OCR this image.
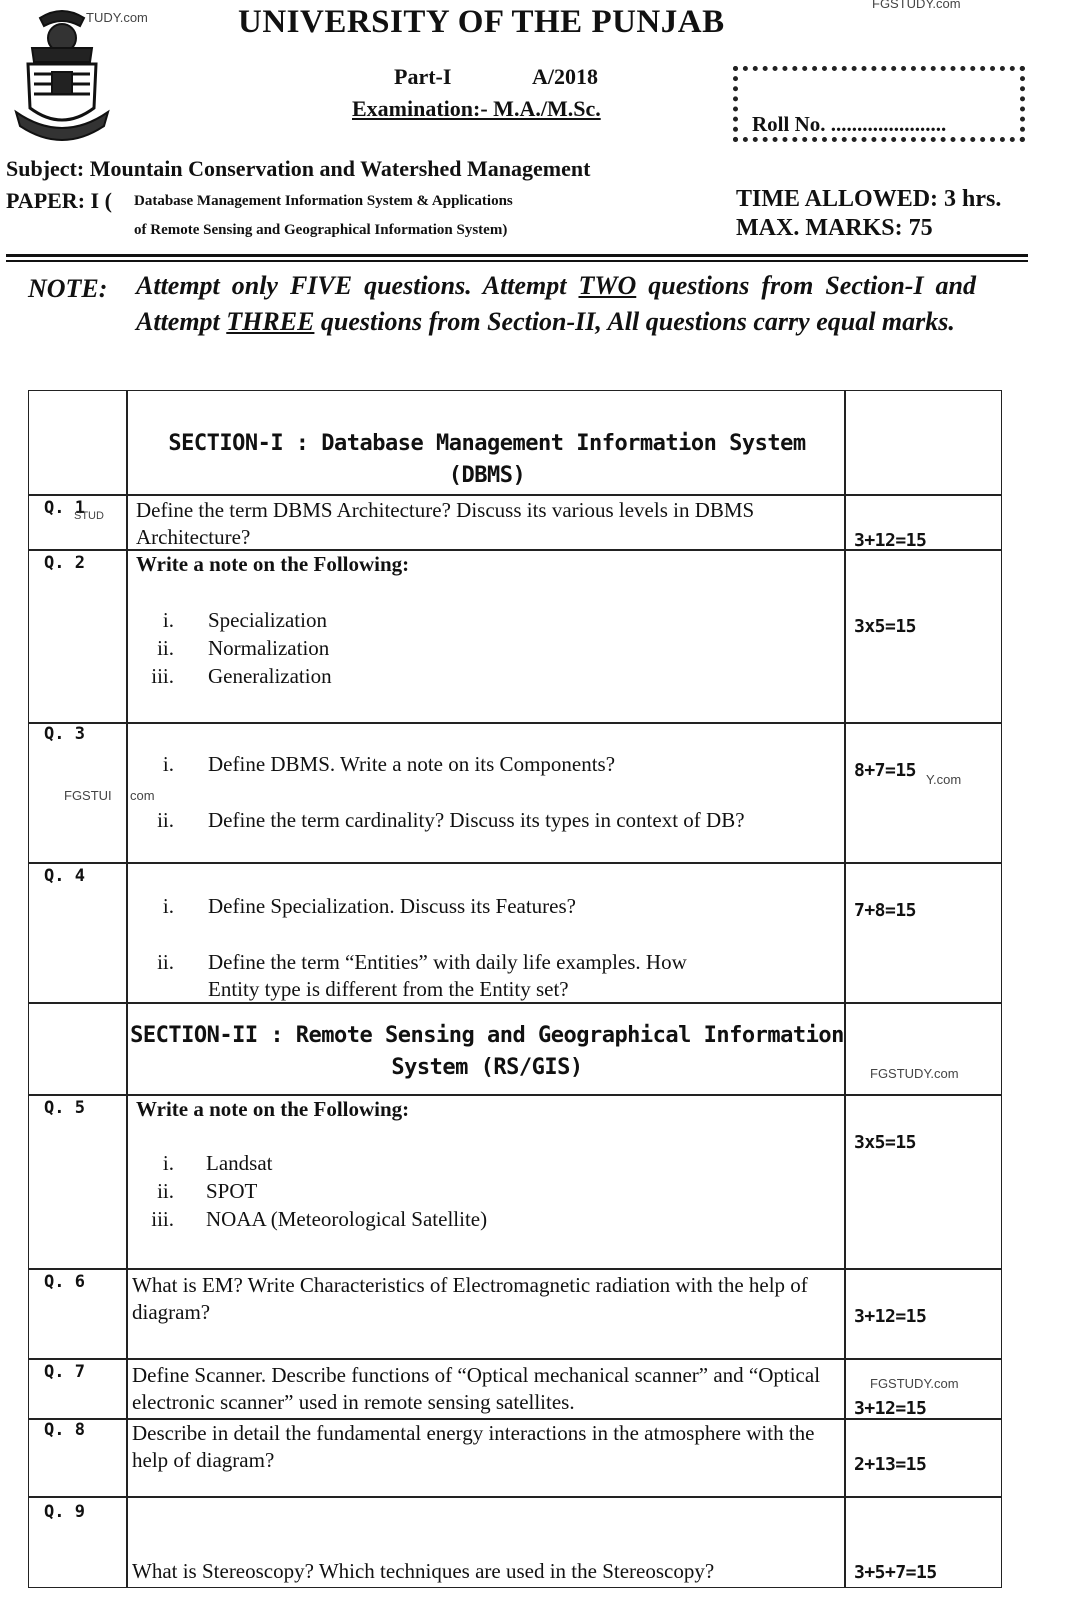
TUDY.com
FGSTUDY.com
UNIVERSITY OF THE PUNJAB
Part-I	A/2018
Examination:- M.A./M.Sc.
Roll No. ......................
Subject: Mountain Conservation and Watershed Management
PAPER: I ( Database Management Information System & Applications
of Remote Sensing and Geographical Information System)
TIME ALLOWED: 3 hrs.
MAX. MARKS: 75
NOTE: Attempt only FIVE questions. Attempt TWO questions from Section-I and Attempt THREE questions from Section-II, All questions carry equal marks.
SECTION-I : Database Management Information System
(DBMS)
Q. 1
STUD Define the term DBMS Architecture? Discuss its various levels in DBMS Architecture?	3+12=15
Q. 2 Write a note on the Following:
i. Specialization
ii. Normalization
iii. Generalization
3x5=15
Q. 3
i. Define DBMS. Write a note on its Components?
FGSTUI com
ii. Define the term cardinality? Discuss its types in context of DB?
8+7=15 Y.com
Q. 4
i. Define Specialization. Discuss its Features?
ii. Define the term “Entities” with daily life examples. How
Entity type is different from the Entity set?
7+8=15
SECTION-II : Remote Sensing and Geographical Information
System (RS/GIS)	FGSTUDY.com
Q. 5 Write a note on the Following:
i. Landsat
ii. SPOT
iii. NOAA (Meteorological Satellite)
3x5=15
Q. 6 What is EM? Write Characteristics of Electromagnetic radiation with the help of diagram?	3+12=15
Q. 7 Define Scanner. Describe functions of “Optical mechanical scanner” and “Optical electronic scanner” used in remote sensing satellites.
FGSTUDY.com
3+12=15
Q. 8 Describe in detail the fundamental energy interactions in the atmosphere with the help of diagram?	2+13=15
Q. 9
What is Stereoscopy? Which techniques are used in the Stereoscopy?	3+5+7=15
